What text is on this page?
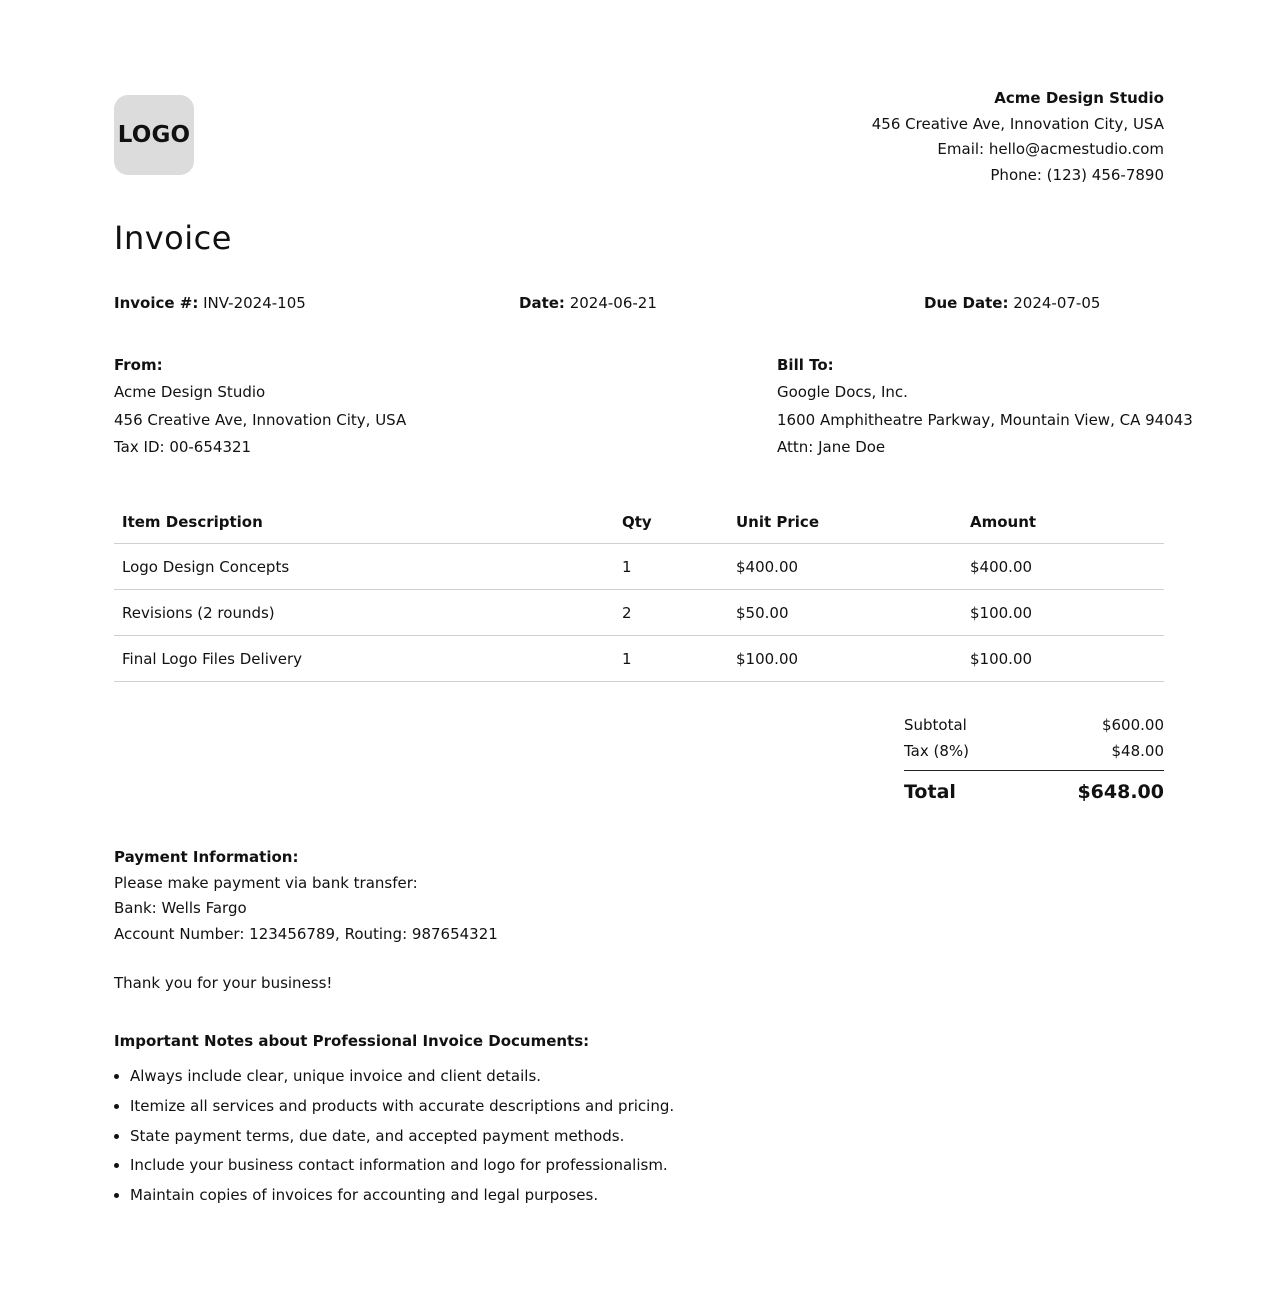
LOGO
Acme Design Studio
456 Creative Ave, Innovation City, USA
Email: hello@acmestudio.com
Phone: (123) 456-7890
Invoice
Invoice #: INV-2024-105	Date: 2024-06-21	Due Date: 2024-07-05
From:
Acme Design Studio
456 Creative Ave, Innovation City, USA
Tax ID: 00-654321
Bill To:
Google Docs, Inc.
1600 Amphitheatre Parkway, Mountain View, CA 94043
Attn: Jane Doe
Item Description	Qty	Unit Price	Amount
Logo Design Concepts	1	$400.00	$400.00
Revisions (2 rounds)	2	$50.00	$100.00
Final Logo Files Delivery	1	$100.00	$100.00
Subtotal	$600.00
Tax (8%)	$48.00
Total	$648.00
Payment Information:
Please make payment via bank transfer:
Bank: Wells Fargo
Account Number: 123456789, Routing: 987654321
Thank you for your business!
Important Notes about Professional Invoice Documents:
• Always include clear, unique invoice and client details.
• Itemize all services and products with accurate descriptions and pricing.
• State payment terms, due date, and accepted payment methods.
• Include your business contact information and logo for professionalism.
• Maintain copies of invoices for accounting and legal purposes.
